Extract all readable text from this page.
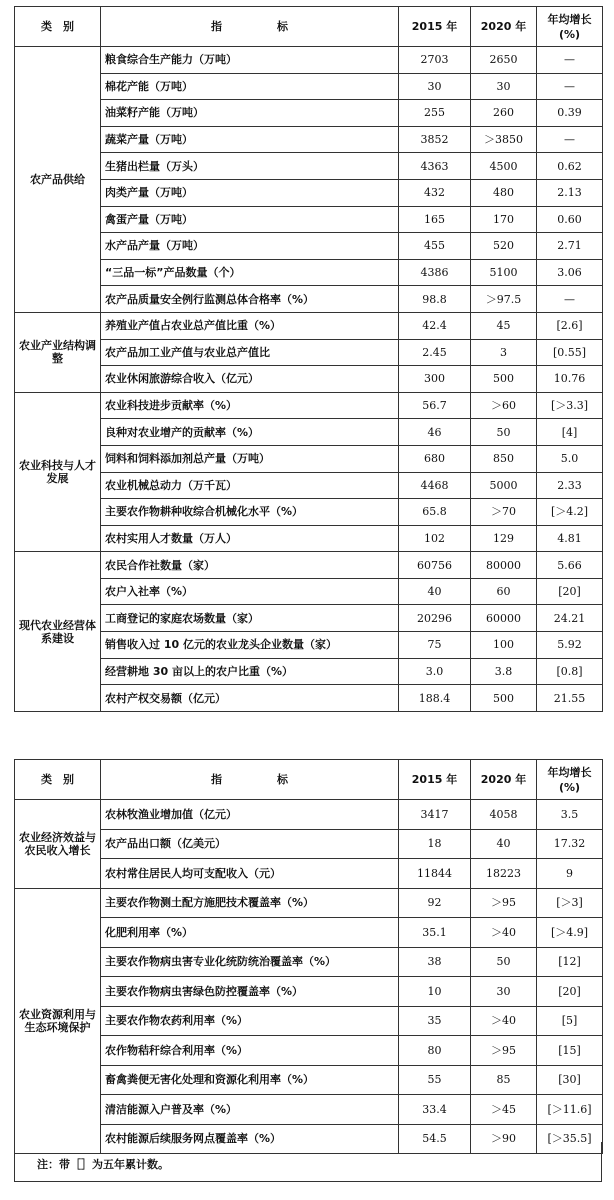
类　别	指　　　　　标	2015 年	2020 年	年均增长
(%)
农产品供给	粮食综合生产能力（万吨）	2703	2650	—
	棉花产能（万吨）	30	30	—
	油菜籽产能（万吨）	255	260	0.39
	蔬菜产量（万吨）	3852	＞3850	—
	生猪出栏量（万头）	4363	4500	0.62
	肉类产量（万吨）	432	480	2.13
	禽蛋产量（万吨）	165	170	0.60
	水产品产量（万吨）	455	520	2.71
	“三品一标”产品数量（个）	4386	5100	3.06
	农产品质量安全例行监测总体合格率（%）	98.8	＞97.5	—
农业产业结构调整	养殖业产值占农业总产值比重（%）	42.4	45	[2.6]
	农产品加工业产值与农业总产值比	2.45	3	[0.55]
	农业休闲旅游综合收入（亿元）	300	500	10.76
农业科技与人才发展	农业科技进步贡献率（%）	56.7	＞60	[＞3.3]
	良种对农业增产的贡献率（%）	46	50	[4]
	饲料和饲料添加剂总产量（万吨）	680	850	5.0
	农业机械总动力（万千瓦）	4468	5000	2.33
	主要农作物耕种收综合机械化水平（%）	65.8	＞70	[＞4.2]
	农村实用人才数量（万人）	102	129	4.81
现代农业经营体系建设	农民合作社数量（家）	60756	80000	5.66
	农户入社率（%）	40	60	[20]
	工商登记的家庭农场数量（家）	20296	60000	24.21
	销售收入过 10 亿元的农业龙头企业数量（家）	75	100	5.92
	经营耕地 30 亩以上的农户比重（%）	3.0	3.8	[0.8]
	农村产权交易额（亿元）	188.4	500	21.55
类　别	指　　　　　标	2015 年	2020 年	年均增长
(%)
农业经济效益与农民收入增长	农林牧渔业增加值（亿元）	3417	4058	3.5
	农产品出口额（亿美元）	18	40	17.32
	农村常住居民人均可支配收入（元）	11844	18223	9
农业资源利用与生态环境保护	主要农作物测土配方施肥技术覆盖率（%）	92	＞95	[＞3]
	化肥利用率（%）	35.1	＞40	[＞4.9]
	主要农作物病虫害专业化统防统治覆盖率（%）	38	50	[12]
	主要农作物病虫害绿色防控覆盖率（%）	10	30	[20]
	主要农作物农药利用率（%）	35	＞40	[5]
	农作物秸秆综合利用率（%）	80	＞95	[15]
	畜禽粪便无害化处理和资源化利用率（%）	55	85	[30]
	清洁能源入户普及率（%）	33.4	＞45	[＞11.6]
	农村能源后续服务网点覆盖率（%）	54.5	＞90	[＞35.5]
注：带［］为五年累计数。
